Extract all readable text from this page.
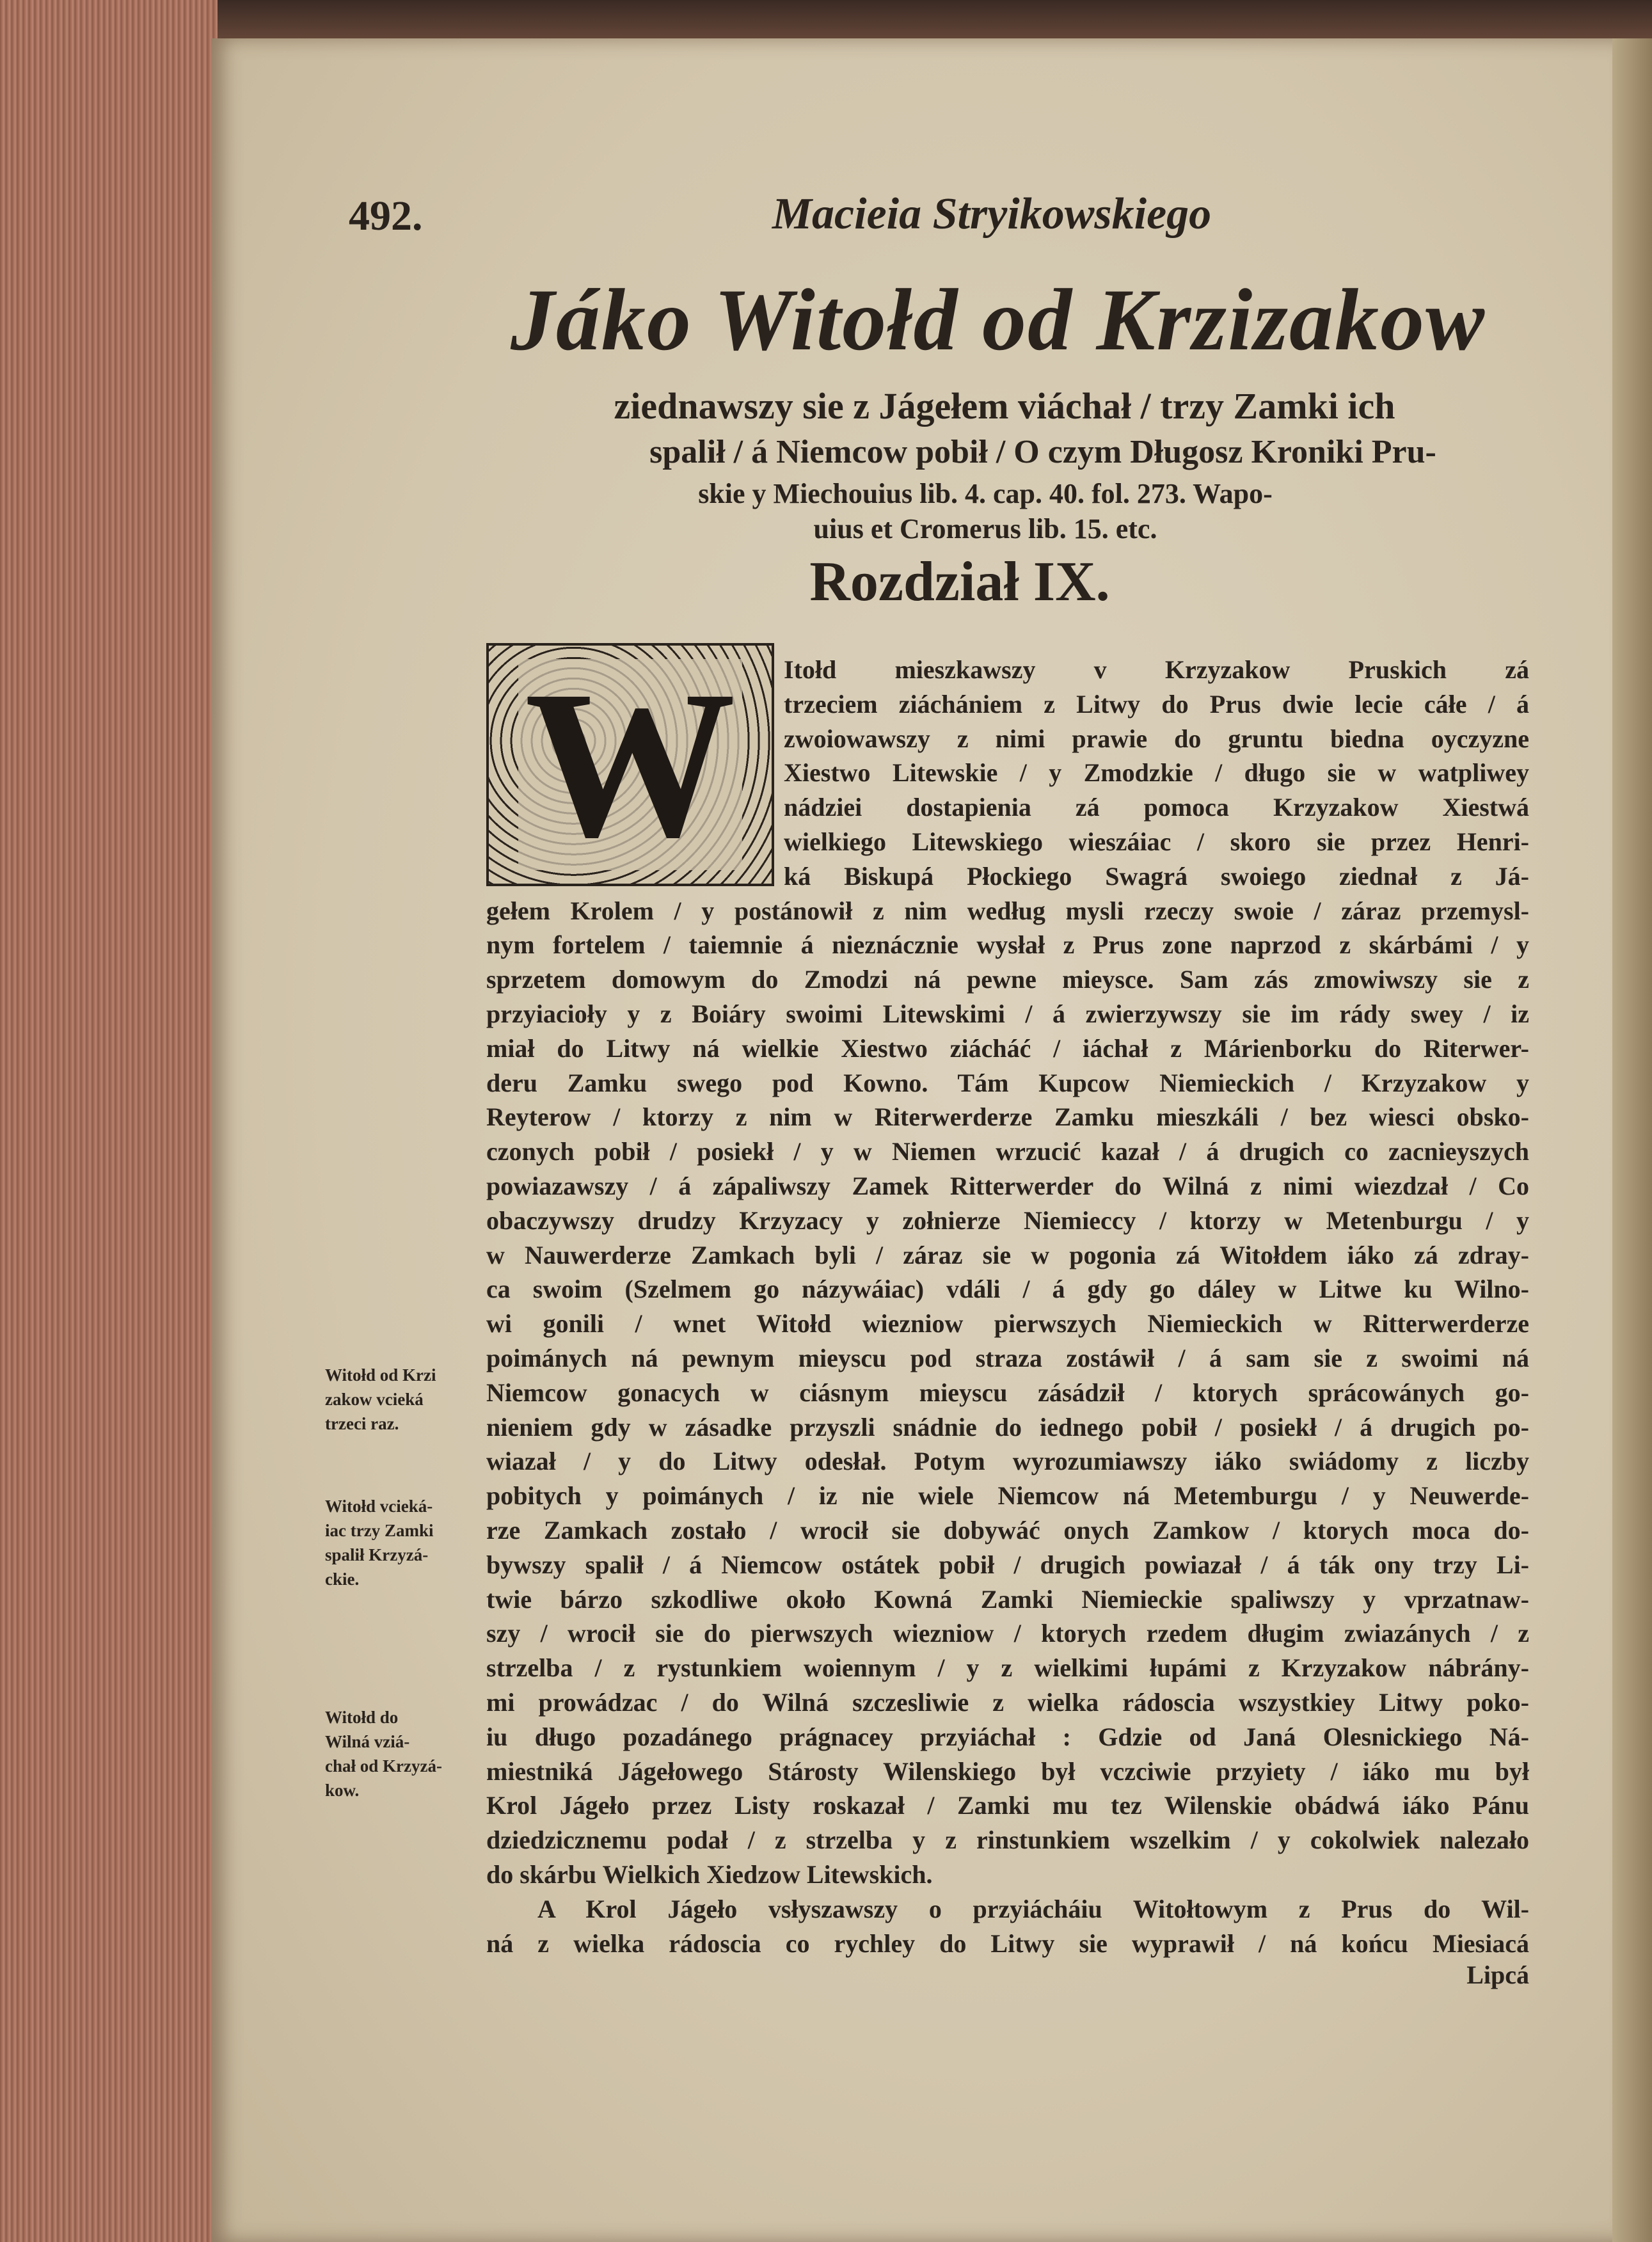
492.	Macieia Stryikowskiego
Jáko Witołd od Krzizakow
ziednawszy sie z Jágełem viáchał / trzy Zamki ich
spalił / á Niemcow pobił / O czym Długosz Kroniki Pru-
skie y Miechouius lib. 4. cap. 40. fol. 273. Wapo-
uius et Cromerus lib. 15. etc.
Rozdział IX.
W Itołd mieszkawszy v Krzyzakow Pruskich zá
trzeciem ziáchániem z Litwy do Prus dwie lecie cáłe / á
zwoiowawszy z nimi prawie do gruntu biedna oyczyzne
Xiestwo Litewskie / y Zmodzkie / długo sie w watpliwey
nádziei dostapienia zá pomoca Krzyzakow Xiestwá
wielkiego Litewskiego wieszáiac / skoro sie przez Henri-
ká Biskupá Płockiego Swagrá swoiego ziednał z Já-
gełem Krolem / y postánowił z nim według mysli rzeczy swoie / záraz przemysl-
nym fortelem / taiemnie á nieznácznie wysłał z Prus zone naprzod z skárbámi / y
sprzetem domowym do Zmodzi ná pewne mieysce. Sam zás zmowiwszy sie z
przyiacioły y z Boiáry swoimi Litewskimi / á zwierzywszy sie im rády swey / iz
miał do Litwy ná wielkie Xiestwo ziácháć / iáchał z Márienborku do Riterwer-
deru Zamku swego pod Kowno. Tám Kupcow Niemieckich / Krzyzakow y
Reyterow / ktorzy z nim w Riterwerderze Zamku mieszkáli / bez wiesci obsko-
czonych pobił / posiekł / y w Niemen wrzucić kazał / á drugich co zacnieyszych
powiazawszy / á zápaliwszy Zamek Ritterwerder do Wilná z nimi wiezdzał / Co
obaczywszy drudzy Krzyzacy y zołnierze Niemieccy / ktorzy w Metenburgu / y
w Nauwerderze Zamkach byli / záraz sie w pogonia zá Witołdem iáko zá zdray-
ca swoim (Szelmem go názywáiac) vdáli / á gdy go dáley w Litwe ku Wilno-
wi gonili / wnet Witołd wiezniow pierwszych Niemieckich w Ritterwerderze
poimánych ná pewnym mieyscu pod straza zostáwił / á sam sie z swoimi ná
Niemcow gonacych w ciásnym mieyscu zásádził / ktorych sprácowánych go-
nieniem gdy w zásadke przyszli snádnie do iednego pobił / posiekł / á drugich po-
wiazał / y do Litwy odesłał. Potym wyrozumiawszy iáko swiádomy z liczby
pobitych y poimánych / iz nie wiele Niemcow ná Metemburgu / y Neuwerde-
rze Zamkach zostało / wrocił sie dobywáć onych Zamkow / ktorych moca do-
bywszy spalił / á Niemcow ostátek pobił / drugich powiazał / á ták ony trzy Li-
twie bárzo szkodliwe około Kowná Zamki Niemieckie spaliwszy y vprzatnaw-
szy / wrocił sie do pierwszych wiezniow / ktorych rzedem długim zwiazánych / z
strzelba / z rystunkiem woiennym / y z wielkimi łupámi z Krzyzakow nábrány-
mi prowádzac / do Wilná szczesliwie z wielka rádoscia wszystkiey Litwy poko-
iu długo pozadánego prágnacey przyiáchał : Gdzie od Janá Olesnickiego Ná-
miestniká Jágełowego Stárosty Wilenskiego był vczciwie przyiety / iáko mu był
Krol Jágeło przez Listy roskazał / Zamki mu tez Wilenskie obádwá iáko Pánu
dziedzicznemu podał / z strzelba y z rinstunkiem wszelkim / y cokolwiek nalezało
do skárbu Wielkich Xiedzow Litewskich.
A Krol Jágeło vsłyszawszy o przyiácháiu Witołtowym z Prus do Wil-
ná z wielka rádoscia co rychley do Litwy sie wyprawił / ná końcu Miesiacá
Witołd od Krzi
zakow vcieká
trzeci raz.
Witołd vcieká-
iac trzy Zamki
spalił Krzyzá-
ckie.
Witołd do
Wilná vziá-
chał od Krzyzá-
kow.
Lipcá
